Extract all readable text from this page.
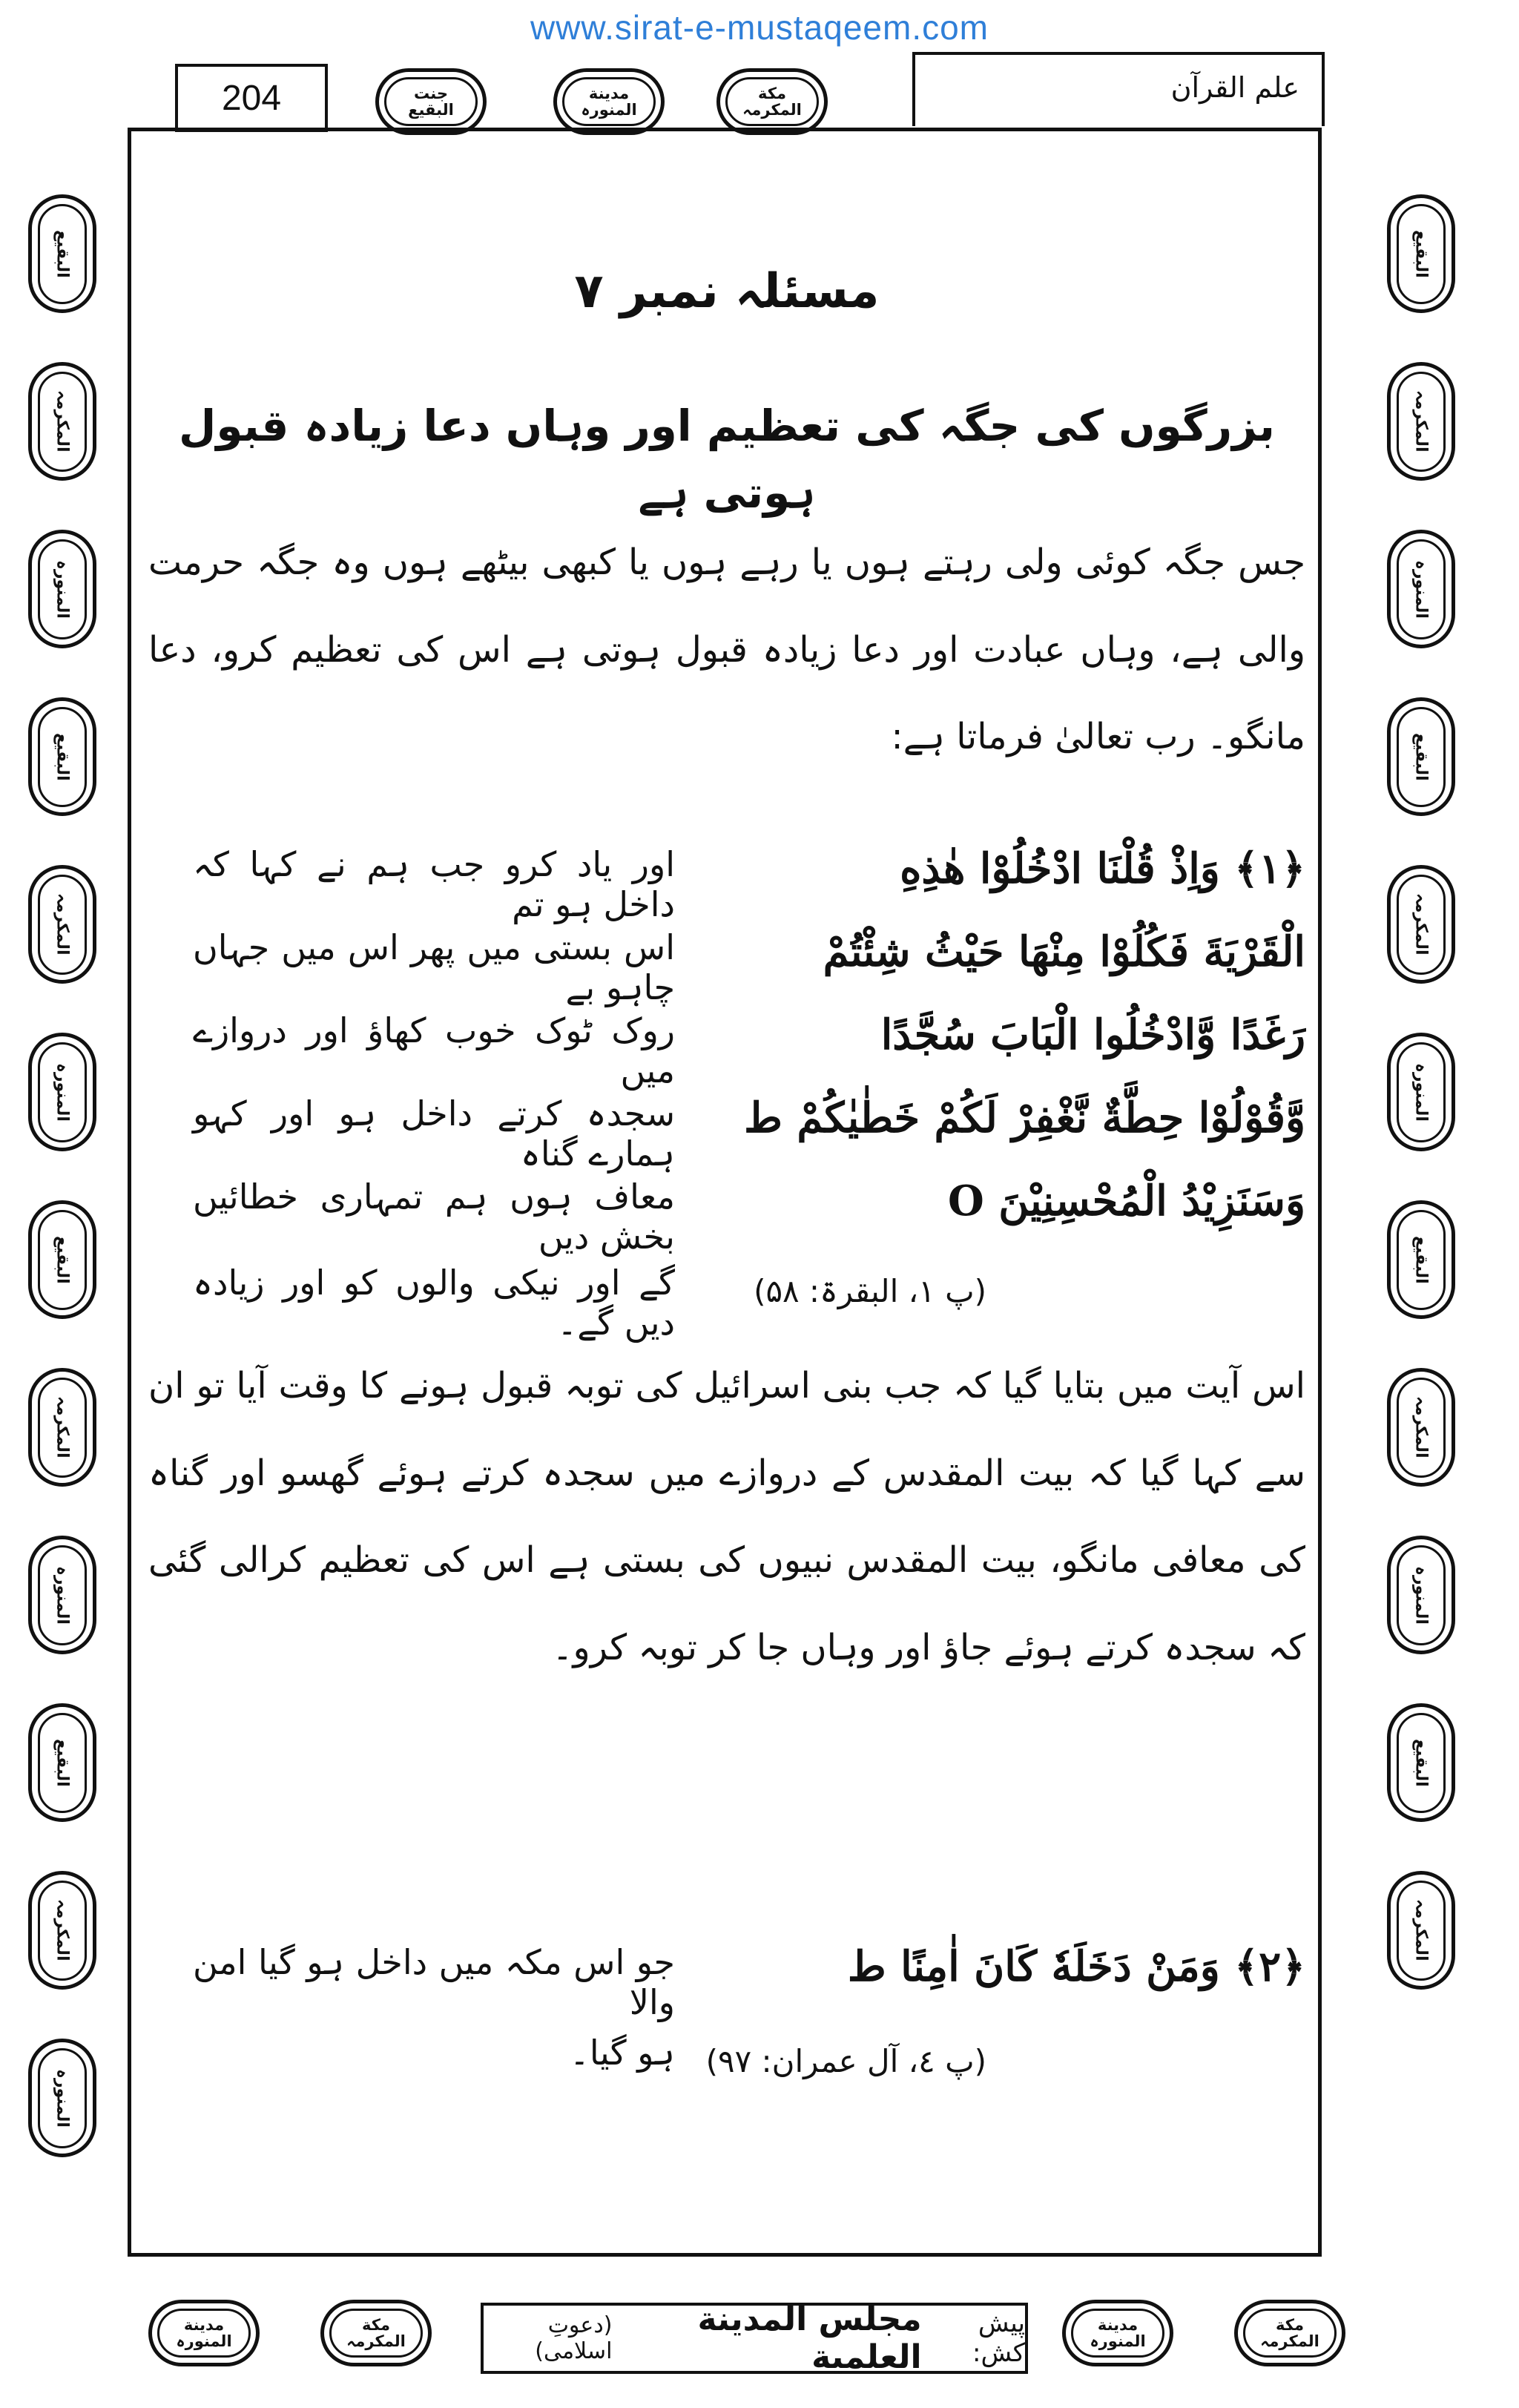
www.sirat-e-mustaqeem.com
204	جنت
البقیع
مدینة
المنورہ
مکة
المکرمہ
علم القرآن
البقیع
المکرمہ
المنورہ
البقیع
المکرمہ
المنورہ
البقیع
المکرمہ
المنورہ
البقیع
المکرمہ
المنورہ
البقیع
المکرمہ
المنورہ
البقیع
المکرمہ
المنورہ
البقیع
المکرمہ
المنورہ
البقیع
المکرمہ
مسئلہ نمبر ۷
بزرگوں کی جگہ کی تعظیم اور وہاں دعا زیادہ قبول ہوتی ہے
جس جگہ کوئی ولی رہتے ہوں یا رہے ہوں یا کبھی بیٹھے ہوں وہ جگہ حرمت والی ہے، وہاں عبادت اور دعا زیادہ قبول ہوتی ہے اس کی تعظیم کرو، دعا مانگو۔ رب تعالیٰ فرماتا ہے:
﴿۱﴾ وَاِذْ قُلْنَا ادْخُلُوْا هٰذِهِ
اور یاد کرو جب ہم نے کہا کہ داخل ہو تم
الْقَرْيَةَ فَكُلُوْا مِنْهَا حَيْثُ شِئْتُمْ
اس بستی میں پھر اس میں جہاں چاہو بے
رَغَدًا وَّادْخُلُوا الْبَابَ سُجَّدًا
روک ٹوک خوب کھاؤ اور دروازے میں
وَّقُوْلُوْا حِطَّةٌ نَّغْفِرْ لَكُمْ خَطٰيٰكُمْ ط
سجدہ کرتے داخل ہو اور کہو ہمارے گناہ
وَسَنَزِيْدُ الْمُحْسِنِيْنَ O
معاف ہوں ہم تمہاری خطائیں بخش دیں
(پ ۱، البقرۃ: ۵۸)
گے اور نیکی والوں کو اور زیادہ دیں گے۔
اس آیت میں بتایا گیا کہ جب بنی اسرائیل کی توبہ قبول ہونے کا وقت آیا تو ان سے کہا گیا کہ بیت المقدس کے دروازے میں سجدہ کرتے ہوئے گھسو اور گناہ کی معافی مانگو، بیت المقدس نبیوں کی بستی ہے اس کی تعظیم کرالی گئی کہ سجدہ کرتے ہوئے جاؤ اور وہاں جا کر توبہ کرو۔
﴿۲﴾ وَمَنْ دَخَلَهٗ كَانَ اٰمِنًا ط
جو اس مکہ میں داخل ہو گیا امن والا
(پ ٤، آل عمران: ۹۷)
ہو گیا۔
مدینة
المنورہ
مکة
المکرمہ
پیش کش:
مجلس المدینة العلمیة
(دعوتِ اسلامی)
مدینة
المنورہ
مکة
المکرمہ
